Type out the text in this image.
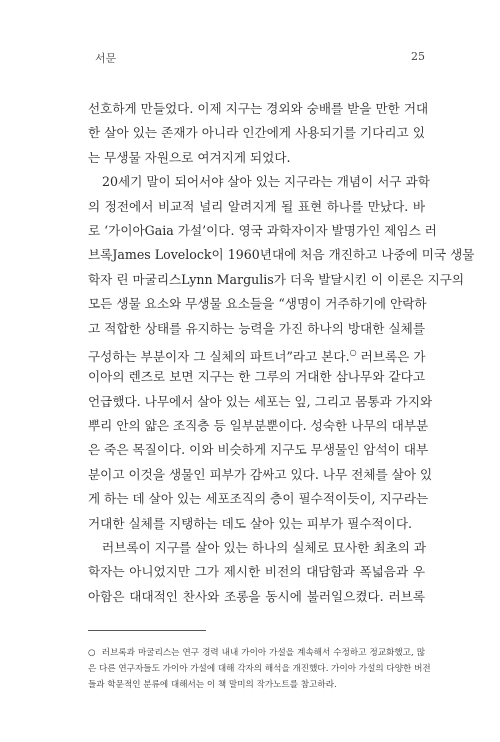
서문	25
선호하게 만들었다. 이제 지구는 경외와 숭배를 받을 만한 거대
한 살아 있는 존재가 아니라 인간에게 사용되기를 기다리고 있
는 무생물 자원으로 여겨지게 되었다.
20세기 말이 되어서야 살아 있는 지구라는 개념이 서구 과학
의 정전에서 비교적 널리 알려지게 될 표현 하나를 만났다. 바
로 ‘가이아Gaia 가설’이다. 영국 과학자이자 발명가인 제임스 러
브록James Lovelock이 1960년대에 처음 개진하고 나중에 미국 생물
학자 린 마굴리스Lynn Margulis가 더욱 발달시킨 이 이론은 지구의
모든 생물 요소와 무생물 요소들을 “생명이 거주하기에 안락하
고 적합한 상태를 유지하는 능력을 가진 하나의 방대한 실체를
구성하는 부분이자 그 실체의 파트너”라고 본다.○ 러브록은 가
이아의 렌즈로 보면 지구는 한 그루의 거대한 삼나무와 같다고
언급했다. 나무에서 살아 있는 세포는 잎, 그리고 몸통과 가지와
뿌리 안의 얇은 조직층 등 일부분뿐이다. 성숙한 나무의 대부분
은 죽은 목질이다. 이와 비슷하게 지구도 무생물인 암석이 대부
분이고 이것을 생물인 피부가 감싸고 있다. 나무 전체를 살아 있
게 하는 데 살아 있는 세포조직의 층이 필수적이듯이, 지구라는
거대한 실체를 지탱하는 데도 살아 있는 피부가 필수적이다.
러브록이 지구를 살아 있는 하나의 실체로 묘사한 최초의 과
학자는 아니었지만 그가 제시한 비전의 대담함과 폭넓음과 우
아함은 대대적인 찬사와 조롱을 동시에 불러일으켰다. 러브록
○ 러브록과 마굴리스는 연구 경력 내내 가이아 가설을 계속해서 수정하고 정교화했고, 많
은 다른 연구자들도 가이아 가설에 대해 각자의 해석을 개진했다. 가이아 가설의 다양한 버전
들과 학문적인 분류에 대해서는 이 책 말미의 작가노트를 참고하라.
